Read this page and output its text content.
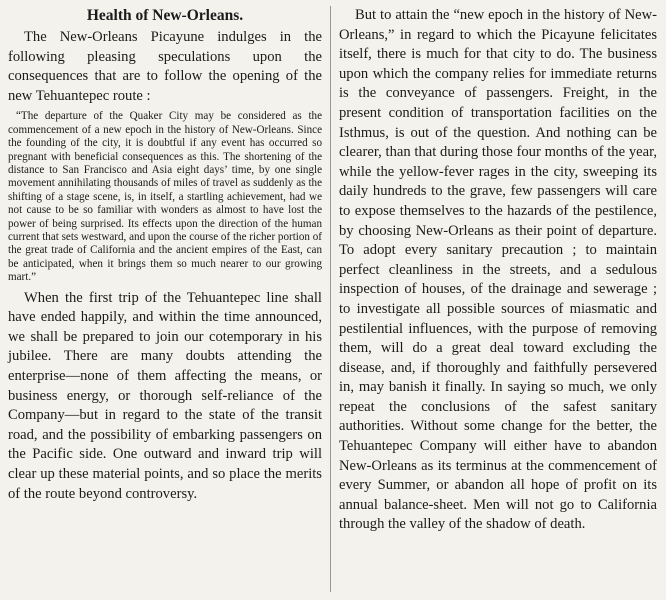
Health of New-Orleans.

The New-Orleans Picayune indulges in the following pleasing speculations upon the consequences that are to follow the opening of the new Tehuantepec route :

“The departure of the Quaker City may be considered as the commencement of a new epoch in the history of New-Orleans. Since the founding of the city, it is doubtful if any event has occurred so pregnant with beneficial consequences as this. The shortening of the distance to San Francisco and Asia eight days’ time, by one single movement annihilating thousands of miles of travel as suddenly as the shifting of a stage scene, is, in itself, a startling achievement, had we not cause to be so familiar with wonders as almost to have lost the power of being surprised. Its effects upon the direction of the human current that sets westward, and upon the course of the richer portion of the great trade of California and the ancient empires of the East, can be anticipated, when it brings them so much nearer to our growing mart.”

When the first trip of the Tehuantepec line shall have ended happily, and within the time announced, we shall be prepared to join our cotemporary in his jubilee. There are many doubts attending the enterprise—none of them affecting the means, or business energy, or thorough self-reliance of the Company—but in regard to the state of the transit road, and the possibility of embarking passengers on the Pacific side. One outward and inward trip will clear up these material points, and so place the merits of the route beyond controversy.

But to attain the “new epoch in the history of New-Orleans,” in regard to which the Picayune felicitates itself, there is much for that city to do. The business upon which the company relies for immediate returns is the conveyance of passengers. Freight, in the present condition of transportation facilities on the Isthmus, is out of the question. And nothing can be clearer, than that during those four months of the year, while the yellow-fever rages in the city, sweeping its daily hundreds to the grave, few passengers will care to expose themselves to the hazards of the pestilence, by choosing New-Orleans as their point of departure. To adopt every sanitary precaution ; to maintain perfect cleanliness in the streets, and a sedulous inspection of houses, of the drainage and sewerage ; to investigate all possible sources of miasmatic and pestilential influences, with the purpose of removing them, will do a great deal toward excluding the disease, and, if thoroughly and faithfully persevered in, may banish it finally. In saying so much, we only repeat the conclusions of the safest sanitary authorities. Without some change for the better, the Tehuantepec Company will either have to abandon New-Orleans as its terminus at the commencement of every Summer, or abandon all hope of profit on its annual balance-sheet. Men will not go to California through the valley of the shadow of death.
